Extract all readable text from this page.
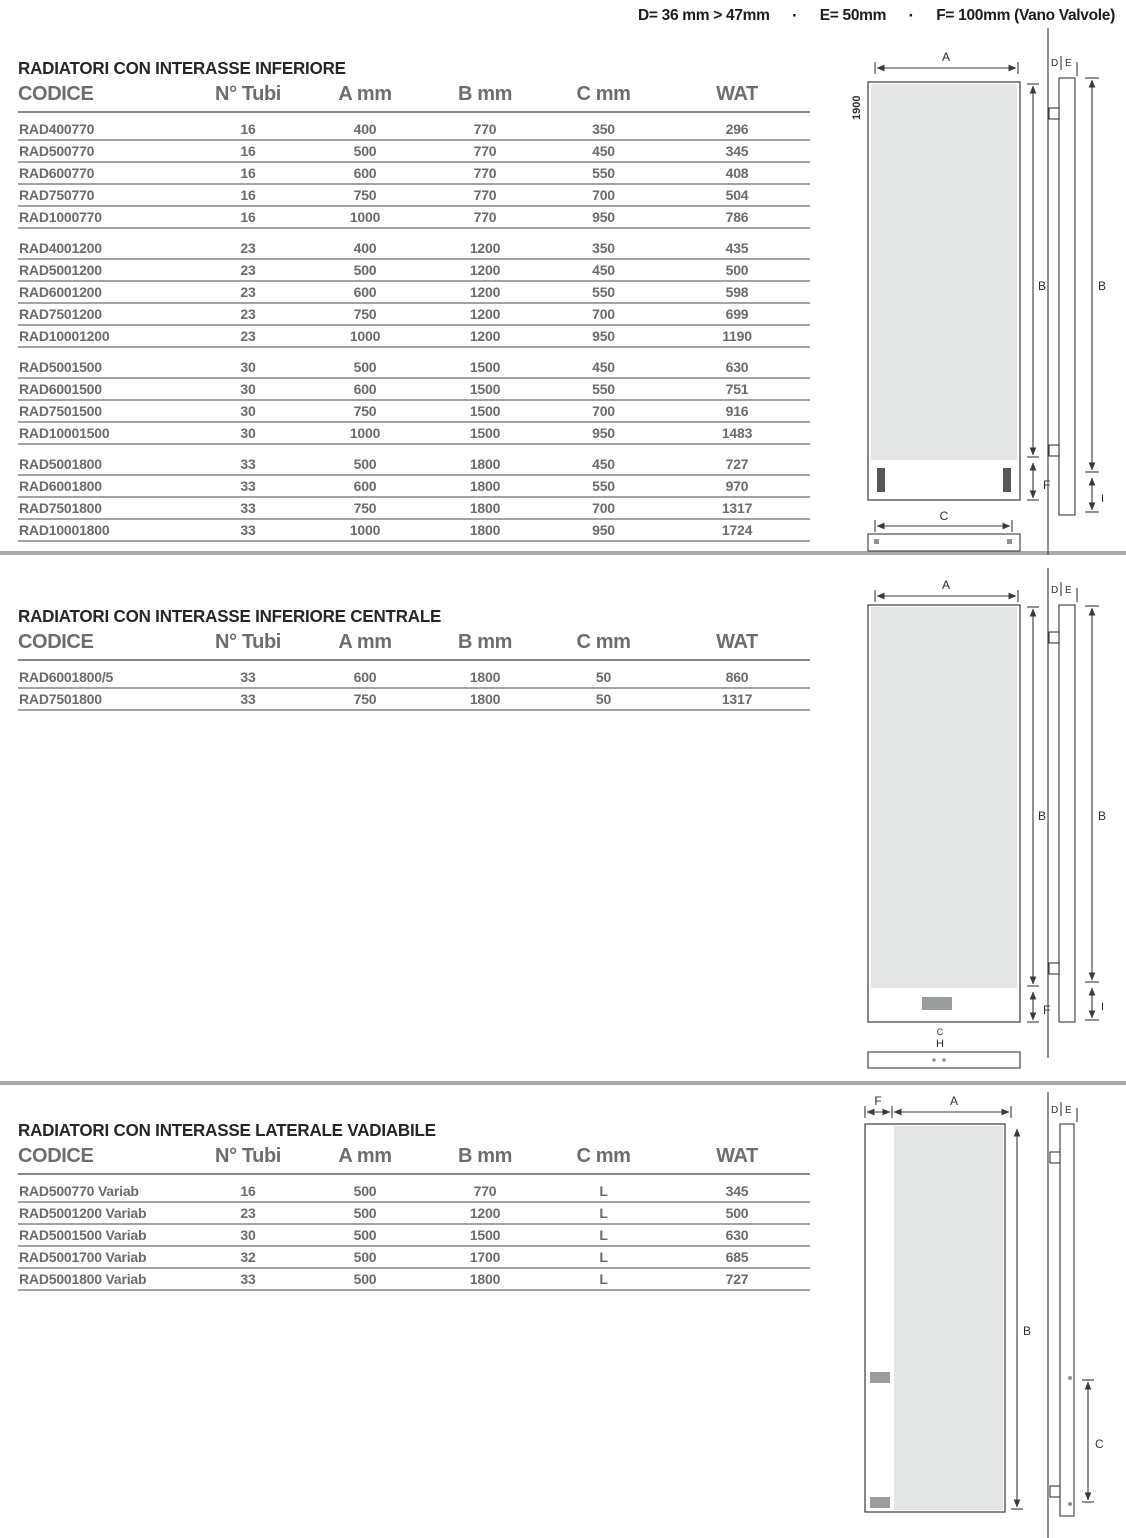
D= 36 mm > 47mm · E= 50mm · F= 100mm (Vano Valvole)
RADIATORI CON INTERASSE INFERIORE
CODICE	N° Tubi	A mm	B mm	C mm	WAT
RAD400770	16	400	770	350	296
RAD500770	16	500	770	450	345
RAD600770	16	600	770	550	408
RAD750770	16	750	770	700	504
RAD1000770	16	1000	770	950	786
RAD4001200	23	400	1200	350	435
RAD5001200	23	500	1200	450	500
RAD6001200	23	600	1200	550	598
RAD7501200	23	750	1200	700	699
RAD10001200	23	1000	1200	950	1190
RAD5001500	30	500	1500	450	630
RAD6001500	30	600	1500	550	751
RAD7501500	30	750	1500	700	916
RAD10001500	30	1000	1500	950	1483
RAD5001800	33	500	1800	450	727
RAD6001800	33	600	1800	550	970
RAD7501800	33	750	1800	700	1317
RAD10001800	33	1000	1800	950	1724
RADIATORI CON INTERASSE INFERIORE CENTRALE
CODICE	N° Tubi	A mm	B mm	C mm	WAT
RAD6001800/5	33	600	1800	50	860
RAD7501800	33	750	1800	50	1317
RADIATORI CON INTERASSE LATERALE VADIABILE
CODICE	N° Tubi	A mm	B mm	C mm	WAT
RAD500770 Variab	16	500	770	L	345
RAD5001200 Variab	23	500	1200	L	500
RAD5001500 Variab	30	500	1500	L	630
RAD5001700 Variab	32	500	1700	L	685
RAD5001800 Variab	33	500	1800	L	727
A
1900
B
F
C
D E
B
I
A
B
F
C
H
D E
B
I
F	A
B
D E
C
